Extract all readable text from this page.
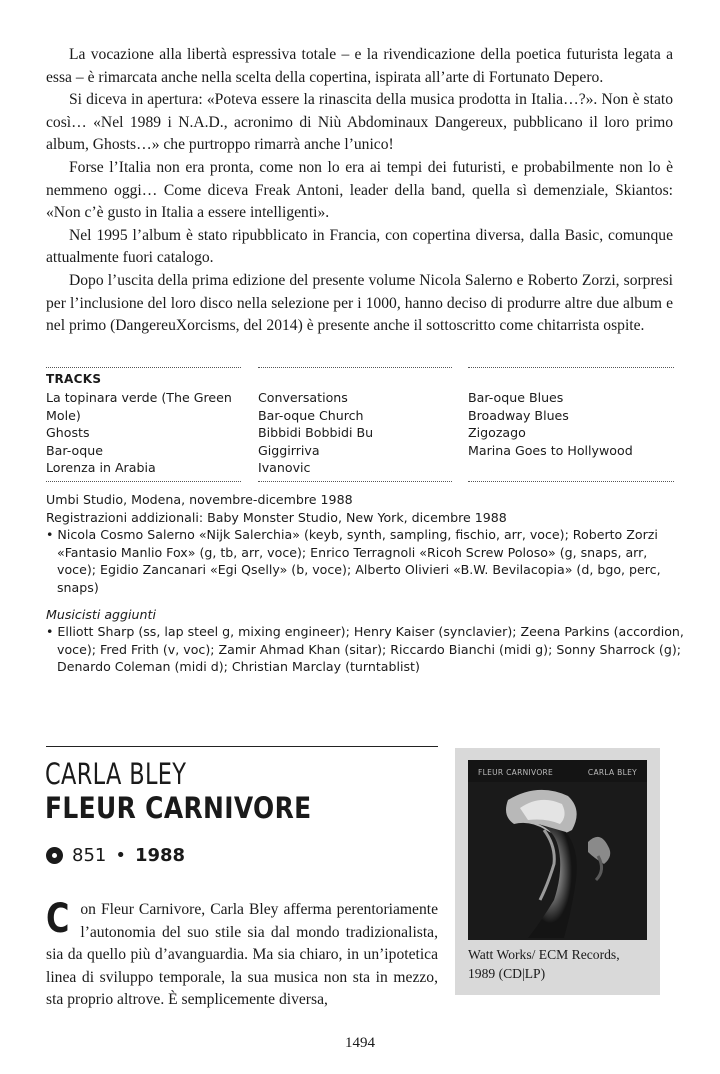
La vocazione alla libertà espressiva totale – e la rivendicazione della poetica futurista legata a essa – è rimarcata anche nella scelta della copertina, ispirata all’arte di Fortunato Depero.

Si diceva in apertura: «Poteva essere la rinascita della musica prodotta in Italia…?». Non è stato così… «Nel 1989 i N.A.D., acronimo di Niù Abdominaux Dangereux, pubblicano il loro primo album, Ghosts…» che purtroppo rimarrà anche l’unico!

Forse l’Italia non era pronta, come non lo era ai tempi dei futuristi, e probabilmente non lo è nemmeno oggi… Come diceva Freak Antoni, leader della band, quella sì demenziale, Skiantos: «Non c’è gusto in Italia a essere intelligenti».

Nel 1995 l’album è stato ripubblicato in Francia, con copertina diversa, dalla Basic, comunque attualmente fuori catalogo.

Dopo l’uscita della prima edizione del presente volume Nicola Salerno e Roberto Zorzi, sorpresi per l’inclusione del loro disco nella selezione per i 1000, hanno deciso di produrre altre due album e nel primo (DangereuXorcisms, del 2014) è presente anche il sottoscritto come chitarrista ospite.

TRACKS
La topinara verde (The Green
Mole)
Ghosts
Bar-oque
Lorenza in Arabia
Conversations
Bar-oque Church
Bibbidi Bobbidi Bu
Giggirriva
Ivanovic
Bar-oque Blues
Broadway Blues
Zigozago
Marina Goes to Hollywood
Umbi Studio, Modena, novembre-dicembre 1988
Registrazioni addizionali: Baby Monster Studio, New York, dicembre 1988
• Nicola Cosmo Salerno «Nijk Salerchia» (keyb, synth, sampling, fischio, arr, voce); Roberto Zorzi
«Fantasio Manlio Fox» (g, tb, arr, voce); Enrico Terragnoli «Ricoh Screw Poloso» (g, snaps, arr,
voce); Egidio Zancanari «Egi Qselly» (b, voce); Alberto Olivieri «B.W. Bevilacopia» (d, bgo, perc,
snaps)
Musicisti aggiunti
• Elliott Sharp (ss, lap steel g, mixing engineer); Henry Kaiser (synclavier); Zeena Parkins (accordion,
voce); Fred Frith (v, voc); Zamir Ahmad Khan (sitar); Riccardo Bianchi (midi g); Sonny Sharrock (g);
Denardo Coleman (midi d); Christian Marclay (turntablist)
CARLA BLEY
FLEUR CARNIVORE
851 • 1988
C on Fleur Carnivore, Carla Bley afferma perentoriamente l’autonomia del suo stile sia dal mondo tradizionalista, sia da quello più d’avanguardia. Ma sia chiaro, in un’ipotetica linea di sviluppo temporale, la sua musica non sta in mezzo, sta proprio altrove. È semplicemente diversa,
FLEUR CARNIVORE	CARLA BLEY
Watt Works/ ECM Records, 1989 (CD|LP)
1494
